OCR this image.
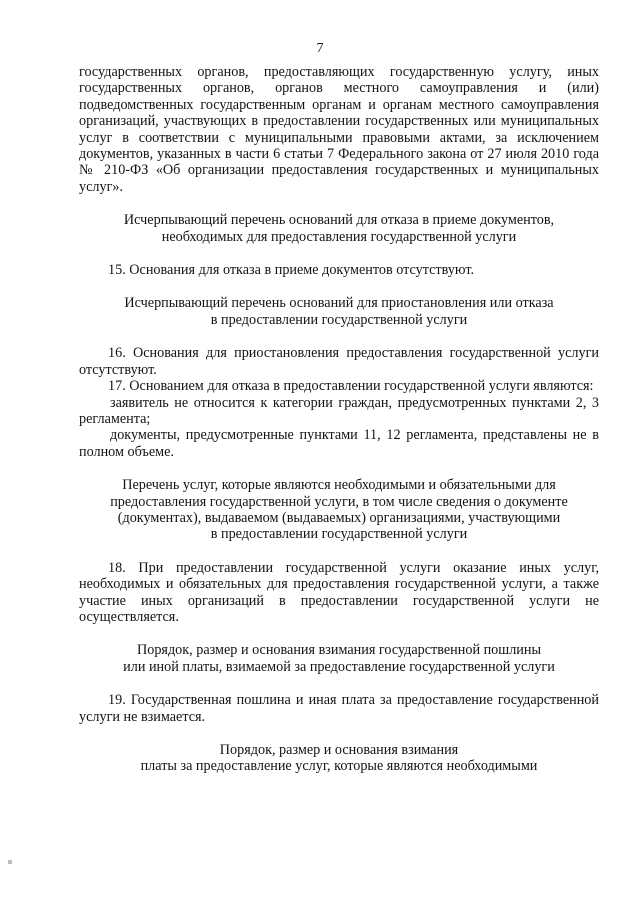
7

государственных органов, предоставляющих государственную услугу, иных государственных органов, органов местного самоуправления и (или) подведомственных государственным органам и органам местного самоуправления организаций, участвующих в предоставлении государственных или муниципальных услуг в соответствии с муниципальными правовыми актами, за исключением документов, указанных в части 6 статьи 7 Федерального закона от 27 июля 2010 года № 210-ФЗ «Об организации предоставления государственных и муниципальных услуг».

Исчерпывающий перечень оснований для отказа в приеме документов,
необходимых для предоставления государственной услуги

15. Основания для отказа в приеме документов отсутствуют.

Исчерпывающий перечень оснований для приостановления или отказа
в предоставлении государственной услуги

16. Основания для приостановления предоставления государственной услуги отсутствуют.

17. Основанием для отказа в предоставлении государственной услуги являются:

заявитель не относится к категории граждан, предусмотренных пунктами 2, 3 регламента;

документы, предусмотренные пунктами 11, 12 регламента, представлены не в полном объеме.

Перечень услуг, которые являются необходимыми и обязательными для
предоставления государственной услуги, в том числе сведения о документе
(документах), выдаваемом (выдаваемых) организациями, участвующими
в предоставлении государственной услуги

18. При предоставлении государственной услуги оказание иных услуг, необходимых и обязательных для предоставления государственной услуги, а также участие иных организаций в предоставлении государственной услуги не осуществляется.

Порядок, размер и основания взимания государственной пошлины
или иной платы, взимаемой за предоставление государственной услуги

19. Государственная пошлина и иная плата за предоставление государственной услуги не взимается.

Порядок, размер и основания взимания
платы за предоставление услуг, которые являются необходимыми
